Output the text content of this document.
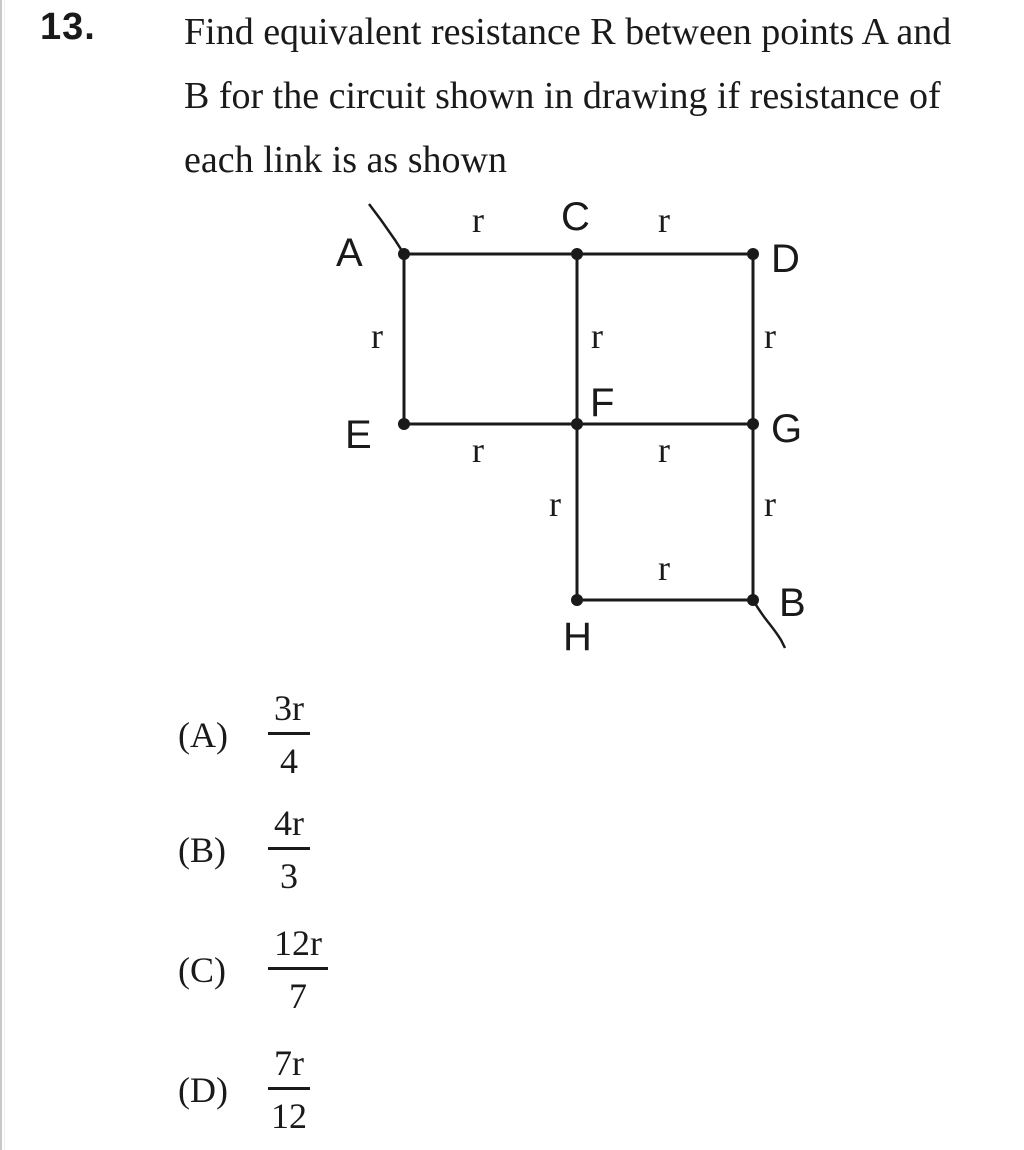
13. Find equivalent resistance R between points A and
B for the circuit shown in drawing if resistance of
each link is as shown
A
C
D
E
F
G
H
B
r	r
r	r	r
r	r
r	r
r
(A)	$\frac{3r}{4}$
(B)	$\frac{4r}{3}$
(C)	$\frac{12r}{7}$
(D)	$\frac{7r}{12}$
